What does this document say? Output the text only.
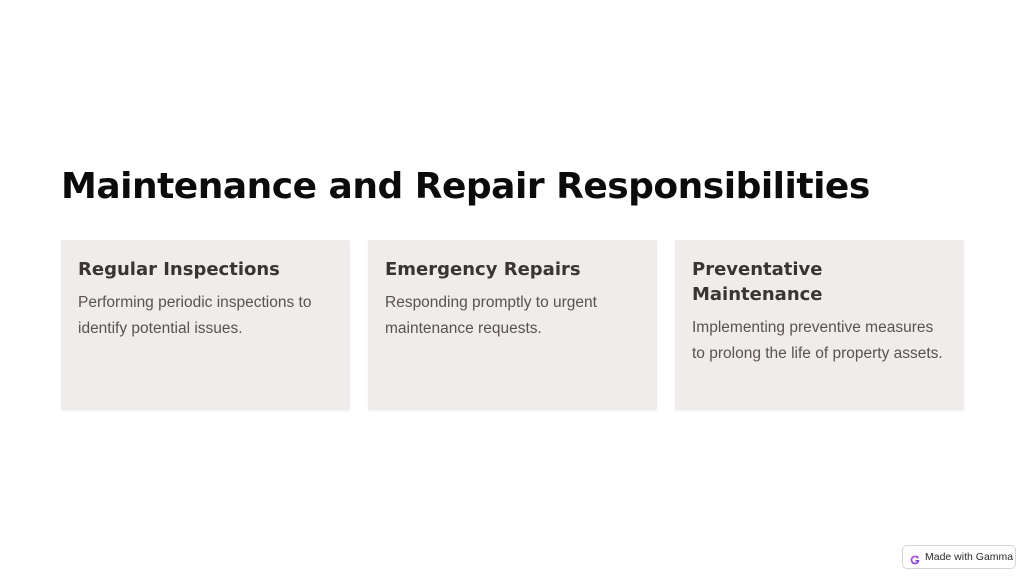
Maintenance and Repair Responsibilities
Regular Inspections

Performing periodic inspections to identify potential issues.

Emergency Repairs

Responding promptly to urgent maintenance requests.

Preventative Maintenance

Implementing preventive measures to prolong the life of property assets.

Made with Gamma
